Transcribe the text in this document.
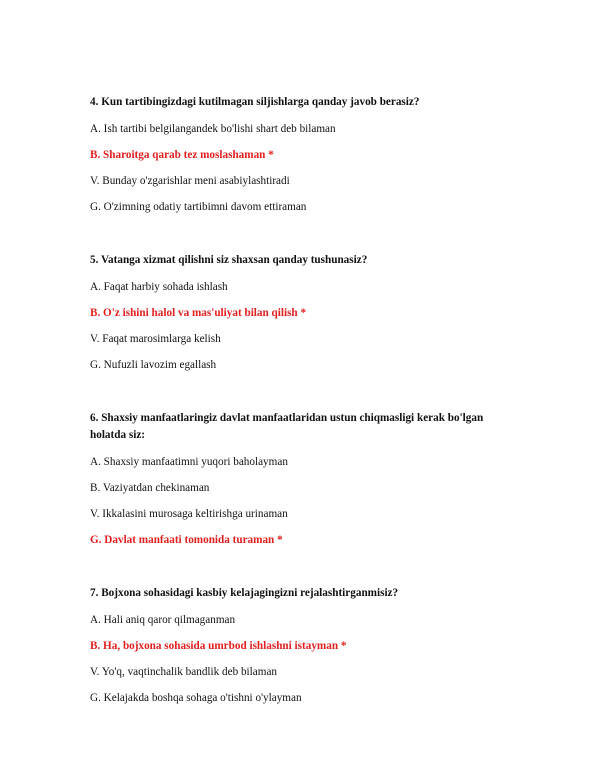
4. Kun tartibingizdagi kutilmagan siljishlarga qanday javob berasiz?
A. Ish tartibi belgilangandek bo'lishi shart deb bilaman
B. Sharoitga qarab tez moslashaman *
V. Bunday o'zgarishlar meni asabiylashtiradi
G. O'zimning odatiy tartibimni davom ettiraman
5. Vatanga xizmat qilishni siz shaxsan qanday tushunasiz?
A. Faqat harbiy sohada ishlash
B. O'z ishini halol va mas'uliyat bilan qilish *
V. Faqat marosimlarga kelish
G. Nufuzli lavozim egallash
6. Shaxsiy manfaatlaringiz davlat manfaatlaridan ustun chiqmasligi kerak bo'lgan holatda siz:
A. Shaxsiy manfaatimni yuqori baholayman
B. Vaziyatdan chekinaman
V. Ikkalasini murosaga keltirishga urinaman
G. Davlat manfaati tomonida turaman *
7. Bojxona sohasidagi kasbiy kelajagingizni rejalashtirganmisiz?
A. Hali aniq qaror qilmaganman
B. Ha, bojxona sohasida umrbod ishlashni istayman *
V. Yo'q, vaqtinchalik bandlik deb bilaman
G. Kelajakda boshqa sohaga o'tishni o'ylayman
